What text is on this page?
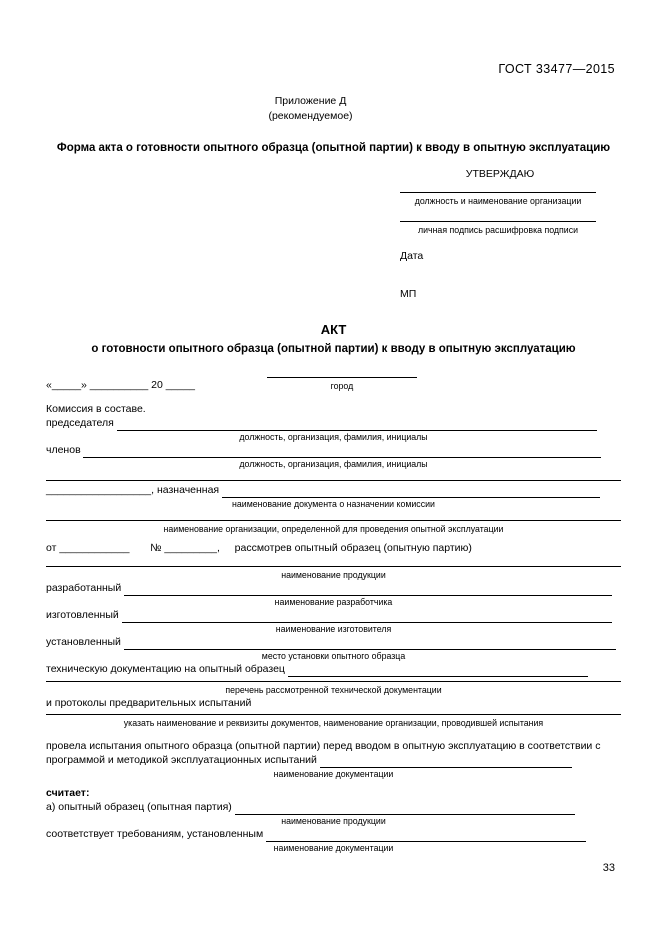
ГОСТ 33477—2015
Приложение Д
(рекомендуемое)
Форма акта о готовности опытного образца (опытной партии) к вводу в опытную эксплуатацию
УТВЕРЖДАЮ
должность и наименование организации
личная подпись расшифровка подписи
Дата
МП
АКТ
о готовности опытного образца (опытной партии) к вводу в опытную эксплуатацию
«_____» __________ 20 _____	город
Комиссия в составе.
председателя
должность, организация, фамилия, инициалы
членов
должность, организация, фамилия, инициалы
__________________, назначенная
наименование документа о назначении комиссии
наименование организации, определенной для проведения опытной эксплуатации
от ____________ № _________, рассмотрев опытный образец (опытную партию)
наименование продукции
разработанный
наименование разработчика
изготовленный
наименование изготовителя
установленный
место установки опытного образца
техническую документацию на опытный образец
перечень рассмотренной технической документации
и протоколы предварительных испытаний
указать наименование и реквизиты документов, наименование организации, проводившей испытания
провела испытания опытного образца (опытной партии) перед вводом в опытную эксплуатацию в соответствии с
программой и методикой эксплуатационных испытаний
наименование документации
считает:
а) опытный образец (опытная партия)
наименование продукции
соответствует требованиям, установленным
наименование документации
33
